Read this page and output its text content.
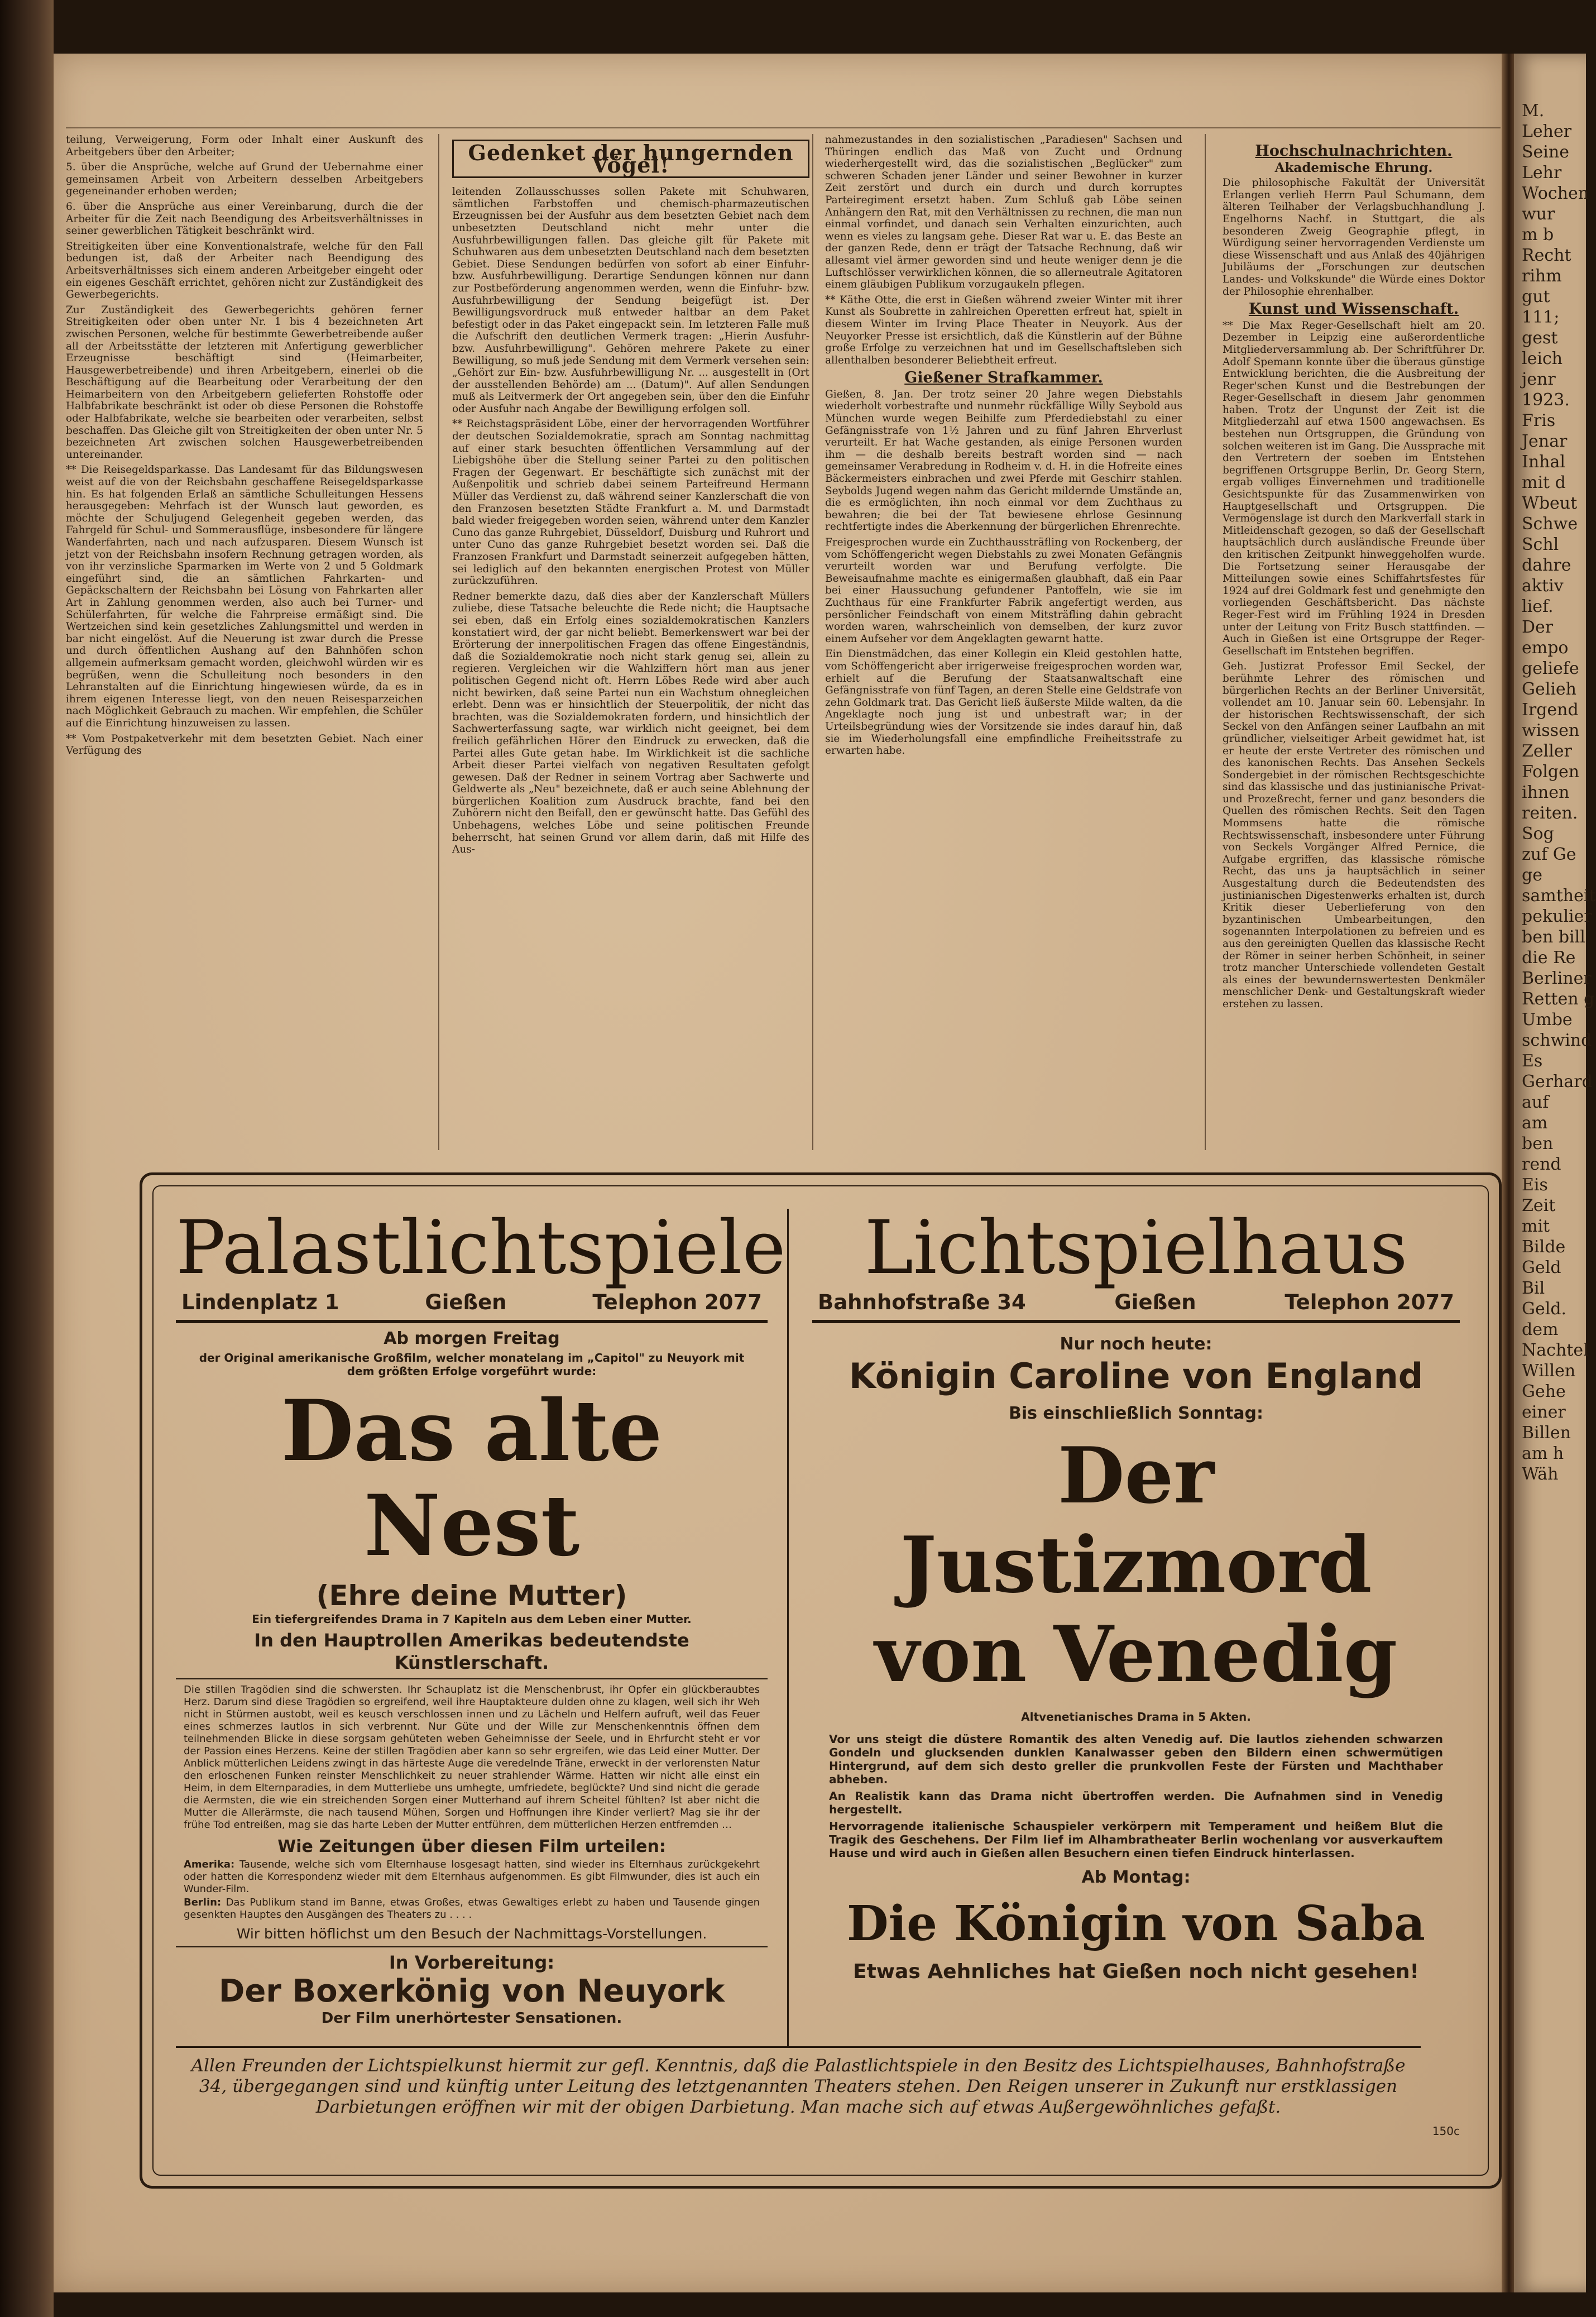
teilung, Verweigerung, Form oder Inhalt einer Auskunft des Arbeitgebers über den Arbeiter;

5. über die Ansprüche, welche auf Grund der Uebernahme einer gemeinsamen Arbeit von Arbeitern desselben Arbeitgebers gegeneinander erhoben werden;

6. über die Ansprüche aus einer Vereinbarung, durch die der Arbeiter für die Zeit nach Beendigung des Arbeitsverhältnisses in seiner gewerblichen Tätigkeit beschränkt wird.

Streitigkeiten über eine Konventionalstrafe, welche für den Fall bedungen ist, daß der Arbeiter nach Beendigung des Arbeitsverhältnisses sich einem anderen Arbeitgeber eingeht oder ein eigenes Geschäft errichtet, gehören nicht zur Zuständigkeit des Gewerbegerichts.

Zur Zuständigkeit des Gewerbegerichts gehören ferner Streitigkeiten oder oben unter Nr. 1 bis 4 bezeichneten Art zwischen Personen, welche für bestimmte Gewerbetreibende außer all der Arbeitsstätte der letzteren mit Anfertigung gewerblicher Erzeugnisse beschäftigt sind (Heimarbeiter, Hausgewerbetreibende) und ihren Arbeitgebern, einerlei ob die Beschäftigung auf die Bearbeitung oder Verarbeitung der den Heimarbeitern von den Arbeitgebern gelieferten Rohstoffe oder Halbfabrikate beschränkt ist oder ob diese Personen die Rohstoffe oder Halbfabrikate, welche sie bearbeiten oder verarbeiten, selbst beschaffen. Das Gleiche gilt von Streitigkeiten der oben unter Nr. 5 bezeichneten Art zwischen solchen Hausgewerbetreibenden untereinander.

** Die Reisegeldsparkasse. Das Landesamt für das Bildungswesen weist auf die von der Reichsbahn geschaffene Reisegeldsparkasse hin. Es hat folgenden Erlaß an sämtliche Schulleitungen Hessens herausgegeben: Mehrfach ist der Wunsch laut geworden, es möchte der Schuljugend Gelegenheit gegeben werden, das Fahrgeld für Schul- und Sommerausflüge, insbesondere für längere Wanderfahrten, nach und nach aufzusparen. Diesem Wunsch ist jetzt von der Reichsbahn insofern Rechnung getragen worden, als von ihr verzinsliche Sparmarken im Werte von 2 und 5 Goldmark eingeführt sind, die an sämtlichen Fahrkarten- und Gepäckschaltern der Reichsbahn bei Lösung von Fahrkarten aller Art in Zahlung genommen werden, also auch bei Turner- und Schülerfahrten, für welche die Fahrpreise ermäßigt sind. Die Wertzeichen sind kein gesetzliches Zahlungsmittel und werden in bar nicht eingelöst. Auf die Neuerung ist zwar durch die Presse und durch öffentlichen Aushang auf den Bahnhöfen schon allgemein aufmerksam gemacht worden, gleichwohl würden wir es begrüßen, wenn die Schulleitung noch besonders in den Lehranstalten auf die Einrichtung hingewiesen würde, da es in ihrem eigenen Interesse liegt, von den neuen Reisesparzeichen nach Möglichkeit Gebrauch zu machen. Wir empfehlen, die Schüler auf die Einrichtung hinzuweisen zu lassen.

** Vom Postpaketverkehr mit dem besetzten Gebiet. Nach einer Verfügung des

Gedenket der hungernden Vögel!

leitenden Zollausschusses sollen Pakete mit Schuhwaren, sämtlichen Farbstoffen und chemisch-pharmazeutischen Erzeugnissen bei der Ausfuhr aus dem besetzten Gebiet nach dem unbesetzten Deutschland nicht mehr unter die Ausfuhrbewilligungen fallen. Das gleiche gilt für Pakete mit Schuhwaren aus dem unbesetzten Deutschland nach dem besetzten Gebiet. Diese Sendungen bedürfen von sofort ab einer Einfuhr- bzw. Ausfuhrbewilligung. Derartige Sendungen können nur dann zur Postbeförderung angenommen werden, wenn die Einfuhr- bzw. Ausfuhrbewilligung der Sendung beigefügt ist. Der Bewilligungsvordruck muß entweder haltbar an dem Paket befestigt oder in das Paket eingepackt sein. Im letzteren Falle muß die Aufschrift den deutlichen Vermerk tragen: „Hierin Ausfuhr- bzw. Ausfuhrbewilligung". Gehören mehrere Pakete zu einer Bewilligung, so muß jede Sendung mit dem Vermerk versehen sein: „Gehört zur Ein- bzw. Ausfuhrbewilligung Nr. ... ausgestellt in (Ort der ausstellenden Behörde) am ... (Datum)". Auf allen Sendungen muß als Leitvermerk der Ort angegeben sein, über den die Einfuhr oder Ausfuhr nach Angabe der Bewilligung erfolgen soll.

** Reichstagspräsident Löbe, einer der hervorragenden Wortführer der deutschen Sozialdemokratie, sprach am Sonntag nachmittag auf einer stark besuchten öffentlichen Versammlung auf der Liebigshöhe über die Stellung seiner Partei zu den politischen Fragen der Gegenwart. Er beschäftigte sich zunächst mit der Außenpolitik und schrieb dabei seinem Parteifreund Hermann Müller das Verdienst zu, daß während seiner Kanzlerschaft die von den Franzosen besetzten Städte Frankfurt a. M. und Darmstadt bald wieder freigegeben worden seien, während unter dem Kanzler Cuno das ganze Ruhrgebiet, Düsseldorf, Duisburg und Ruhrort und unter Cuno das ganze Ruhrgebiet besetzt worden sei. Daß die Franzosen Frankfurt und Darmstadt seinerzeit aufgegeben hätten, sei lediglich auf den bekannten energischen Protest von Müller zurückzuführen.

Redner bemerkte dazu, daß dies aber der Kanzlerschaft Müllers zuliebe, diese Tatsache beleuchte die Rede nicht; die Hauptsache sei eben, daß ein Erfolg eines sozialdemokratischen Kanzlers konstatiert wird, der gar nicht beliebt. Bemerkenswert war bei der Erörterung der innerpolitischen Fragen das offene Eingeständnis, daß die Sozialdemokratie noch nicht stark genug sei, allein zu regieren. Vergleichen wir die Wahlziffern hört man aus jener politischen Gegend nicht oft. Herrn Löbes Rede wird aber auch nicht bewirken, daß seine Partei nun ein Wachstum ohnegleichen erlebt. Denn was er hinsichtlich der Steuerpolitik, der nicht das brachten, was die Sozialdemokraten fordern, und hinsichtlich der Sachwerterfassung sagte, war wirklich nicht geeignet, bei dem freilich gefährlichen Hörer den Eindruck zu erwecken, daß die Partei alles Gute getan habe. Im Wirklichkeit ist die sachliche Arbeit dieser Partei vielfach von negativen Resultaten gefolgt gewesen. Daß der Redner in seinem Vortrag aber Sachwerte und Geldwerte als „Neu" bezeichnete, daß er auch seine Ablehnung der bürgerlichen Koalition zum Ausdruck brachte, fand bei den Zuhörern nicht den Beifall, den er gewünscht hatte. Das Gefühl des Unbehagens, welches Löbe und seine politischen Freunde beherrscht, hat seinen Grund vor allem darin, daß mit Hilfe des Aus-

nahmezustandes in den sozialistischen „Paradiesen" Sachsen und Thüringen endlich das Maß von Zucht und Ordnung wiederhergestellt wird, das die sozialistischen „Beglücker" zum schweren Schaden jener Länder und seiner Bewohner in kurzer Zeit zerstört und durch ein durch und durch korruptes Parteiregiment ersetzt haben. Zum Schluß gab Löbe seinen Anhängern den Rat, mit den Verhältnissen zu rechnen, die man nun einmal vorfindet, und danach sein Verhalten einzurichten, auch wenn es vieles zu langsam gehe. Dieser Rat war u. E. das Beste an der ganzen Rede, denn er trägt der Tatsache Rechnung, daß wir allesamt viel ärmer geworden sind und heute weniger denn je die Luftschlösser verwirklichen können, die so allerneutrale Agitatoren einem gläubigen Publikum vorzugaukeln pflegen.

** Käthe Otte, die erst in Gießen während zweier Winter mit ihrer Kunst als Soubrette in zahlreichen Operetten erfreut hat, spielt in diesem Winter im Irving Place Theater in Neuyork. Aus der Neuyorker Presse ist ersichtlich, daß die Künstlerin auf der Bühne große Erfolge zu verzeichnen hat und im Gesellschaftsleben sich allenthalben besonderer Beliebtheit erfreut.

Gießener Strafkammer.

Gießen, 8. Jan. Der trotz seiner 20 Jahre wegen Diebstahls wiederholt vorbestrafte und nunmehr rückfällige Willy Seybold aus München wurde wegen Beihilfe zum Pferdediebstahl zu einer Gefängnisstrafe von 1½ Jahren und zu fünf Jahren Ehrverlust verurteilt. Er hat Wache gestanden, als einige Personen wurden ihm — die deshalb bereits bestraft worden sind — nach gemeinsamer Verabredung in Rodheim v. d. H. in die Hofreite eines Bäckermeisters einbrachen und zwei Pferde mit Geschirr stahlen. Seybolds Jugend wegen nahm das Gericht mildernde Umstände an, die es ermöglichten, ihn noch einmal vor dem Zuchthaus zu bewahren; die bei der Tat bewiesene ehrlose Gesinnung rechtfertigte indes die Aberkennung der bürgerlichen Ehrenrechte.

Freigesprochen wurde ein Zuchthaussträfling von Rockenberg, der vom Schöffengericht wegen Diebstahls zu zwei Monaten Gefängnis verurteilt worden war und Berufung verfolgte. Die Beweisaufnahme machte es einigermaßen glaubhaft, daß ein Paar bei einer Haussuchung gefundener Pantoffeln, wie sie im Zuchthaus für eine Frankfurter Fabrik angefertigt werden, aus persönlicher Feindschaft von einem Mitsträfling dahin gebracht worden waren, wahrscheinlich von demselben, der kurz zuvor einem Aufseher vor dem Angeklagten gewarnt hatte.

Ein Dienstmädchen, das einer Kollegin ein Kleid gestohlen hatte, vom Schöffengericht aber irrigerweise freigesprochen worden war, erhielt auf die Berufung der Staatsanwaltschaft eine Gefängnisstrafe von fünf Tagen, an deren Stelle eine Geldstrafe von zehn Goldmark trat. Das Gericht ließ äußerste Milde walten, da die Angeklagte noch jung ist und unbestraft war; in der Urteilsbegründung wies der Vorsitzende sie indes darauf hin, daß sie im Wiederholungsfall eine empfindliche Freiheitsstrafe zu erwarten habe.

Hochschulnachrichten.
Akademische Ehrung.

Die philosophische Fakultät der Universität Erlangen verlieh Herrn Paul Schumann, dem älteren Teilhaber der Verlagsbuchhandlung J. Engelhorns Nachf. in Stuttgart, die als besonderen Zweig Geographie pflegt, in Würdigung seiner hervorragenden Verdienste um diese Wissenschaft und aus Anlaß des 40jährigen Jubiläums der „Forschungen zur deutschen Landes- und Volkskunde" die Würde eines Doktor der Philosophie ehrenhalber.

Kunst und Wissenschaft.

** Die Max Reger-Gesellschaft hielt am 20. Dezember in Leipzig eine außerordentliche Mitgliederversammlung ab. Der Schriftführer Dr. Adolf Spemann konnte über die überaus günstige Entwicklung berichten, die die Ausbreitung der Reger'schen Kunst und die Bestrebungen der Reger-Gesellschaft in diesem Jahr genommen haben. Trotz der Ungunst der Zeit ist die Mitgliederzahl auf etwa 1500 angewachsen. Es bestehen nun Ortsgruppen, die Gründung von solchen weiteren ist im Gang. Die Aussprache mit den Vertretern der soeben im Entstehen begriffenen Ortsgruppe Berlin, Dr. Georg Stern, ergab volliges Einvernehmen und traditionelle Gesichtspunkte für das Zusammenwirken von Hauptgesellschaft und Ortsgruppen. Die Vermögenslage ist durch den Markverfall stark in Mitleidenschaft gezogen, so daß der Gesellschaft hauptsächlich durch ausländische Freunde über den kritischen Zeitpunkt hinweggeholfen wurde. Die Fortsetzung seiner Herausgabe der Mitteilungen sowie eines Schiffahrtsfestes für 1924 auf drei Goldmark fest und genehmigte den vorliegenden Geschäftsbericht. Das nächste Reger-Fest wird im Frühling 1924 in Dresden unter der Leitung von Fritz Busch stattfinden. — Auch in Gießen ist eine Ortsgruppe der Reger-Gesellschaft im Entstehen begriffen.

Geh. Justizrat Professor Emil Seckel, der berühmte Lehrer des römischen und bürgerlichen Rechts an der Berliner Universität, vollendet am 10. Januar sein 60. Lebensjahr. In der historischen Rechtswissenschaft, der sich Seckel von den Anfängen seiner Laufbahn an mit gründlicher, vielseitiger Arbeit gewidmet hat, ist er heute der erste Vertreter des römischen und des kanonischen Rechts. Das Ansehen Seckels Sondergebiet in der römischen Rechtsgeschichte sind das klassische und das justinianische Privat- und Prozeßrecht, ferner und ganz besonders die Quellen des römischen Rechts. Seit den Tagen Mommsens hatte die römische Rechtswissenschaft, insbesondere unter Führung von Seckels Vorgänger Alfred Pernice, die Aufgabe ergriffen, das klassische römische Recht, das uns ja hauptsächlich in seiner Ausgestaltung durch die Bedeutendsten des justinianischen Digestenwerks erhalten ist, durch Kritik dieser Ueberlieferung von den byzantinischen Umbearbeitungen, den sogenannten Interpolationen zu befreien und es aus den gereinigten Quellen das klassische Recht der Römer in seiner herben Schönheit, in seiner trotz mancher Unterschiede vollendeten Gestalt als eines der bewundernswertesten Denkmäler menschlicher Denk- und Gestaltungskraft wieder erstehen zu lassen.

M.
Leher
Seine
Lehr
Wochen
wur
m b
Recht
rihm
gut
111;
gest
leich
jenr
1923.
Fris
Jenar
Inhal
mit d
Wbeut
Schwe
Schl
dahre
aktiv
lief.
Der
empo
geliefe
Gelieh
Irgend
wissen
Zeller
Folgen
ihnen
reiten.
Sog
zuf Ge
ge
samtheit
pekulier
ben bill
die Re
Berliner
Retten g
Umbe
schwind
Es
Gerhard
auf
am
ben
rend
Eis
Zeit
mit
Bilde
Geld
Bil
Geld.
dem
Nachtel
Willen
Gehe
einer
Billen
am h
Wäh
Palastlichtspiele
Lindenplatz 1	Gießen	Telephon 2077
Ab morgen Freitag
der Original amerikanische Großfilm, welcher monatelang im „Capitol" zu Neuyork mit dem größten Erfolge vorgeführt wurde:
Das alte Nest
(Ehre deine Mutter)
Ein tiefergreifendes Drama in 7 Kapiteln aus dem Leben einer Mutter.
In den Hauptrollen Amerikas bedeutendste Künstlerschaft.
Die stillen Tragödien sind die schwersten. Ihr Schauplatz ist die Menschenbrust, ihr Opfer ein glückberaubtes Herz. Darum sind diese Tragödien so ergreifend, weil ihre Hauptakteure dulden ohne zu klagen, weil sich ihr Weh nicht in Stürmen austobt, weil es keusch verschlossen innen und zu Lächeln und Helfern aufruft, weil das Feuer eines schmerzes lautlos in sich verbrennt. Nur Güte und der Wille zur Menschenkenntnis öffnen dem teilnehmenden Blicke in diese sorgsam gehüteten weben Geheimnisse der Seele, und in Ehrfurcht steht er vor der Passion eines Herzens. Keine der stillen Tragödien aber kann so sehr ergreifen, wie das Leid einer Mutter. Der Anblick mütterlichen Leidens zwingt in das härteste Auge die veredelnde Träne, erweckt in der verlorensten Natur den erloschenen Funken reinster Menschlichkeit zu neuer strahlender Wärme. Hatten wir nicht alle einst ein Heim, in dem Elternparadies, in dem Mutterliebe uns umhegte, umfriedete, beglückte? Und sind nicht die gerade die Aermsten, die wie ein streichenden Sorgen einer Mutterhand auf ihrem Scheitel fühlten? Ist aber nicht die Mutter die Allerärmste, die nach tausend Mühen, Sorgen und Hoffnungen ihre Kinder verliert? Mag sie ihr der frühe Tod entreißen, mag sie das harte Leben der Mutter entführen, dem mütterlichen Herzen entfremden …
Wie Zeitungen über diesen Film urteilen:
Amerika: Tausende, welche sich vom Elternhause losgesagt hatten, sind wieder ins Elternhaus zurückgekehrt oder hatten die Korrespondenz wieder mit dem Elternhaus aufgenommen. Es gibt Filmwunder, dies ist auch ein Wunder-Film.
Berlin: Das Publikum stand im Banne, etwas Großes, etwas Gewaltiges erlebt zu haben und Tausende gingen gesenkten Hauptes den Ausgängen des Theaters zu . . . .
Wir bitten höflichst um den Besuch der Nachmittags-Vorstellungen.
In Vorbereitung:
Der Boxerkönig von Neuyork
Der Film unerhörtester Sensationen.
Lichtspielhaus
Bahnhofstraße 34	Gießen	Telephon 2077
Nur noch heute:
Königin Caroline von England
Bis einschließlich Sonntag:
Der Justizmord
von Venedig
Altvenetianisches Drama in 5 Akten.
Vor uns steigt die düstere Romantik des alten Venedig auf. Die lautlos ziehenden schwarzen Gondeln und glucksenden dunklen Kanalwasser geben den Bildern einen schwermütigen Hintergrund, auf dem sich desto greller die prunkvollen Feste der Fürsten und Machthaber abheben.
An Realistik kann das Drama nicht übertroffen werden. Die Aufnahmen sind in Venedig hergestellt.
Hervorragende italienische Schauspieler verkörpern mit Temperament und heißem Blut die Tragik des Geschehens. Der Film lief im Alhambratheater Berlin wochenlang vor ausverkauftem Hause und wird auch in Gießen allen Besuchern einen tiefen Eindruck hinterlassen.
Ab Montag:
Die Königin von Saba
Etwas Aehnliches hat Gießen noch nicht gesehen!
Allen Freunden der Lichtspielkunst hiermit zur gefl. Kenntnis, daß die Palastlichtspiele in den Besitz des Lichtspielhauses, Bahnhofstraße 34, übergegangen sind und künftig unter Leitung des letztgenannten Theaters stehen. Den Reigen unserer in Zukunft nur erstklassigen Darbietungen eröffnen wir mit der obigen Darbietung. Man mache sich auf etwas Außergewöhnliches gefaßt.
150c
